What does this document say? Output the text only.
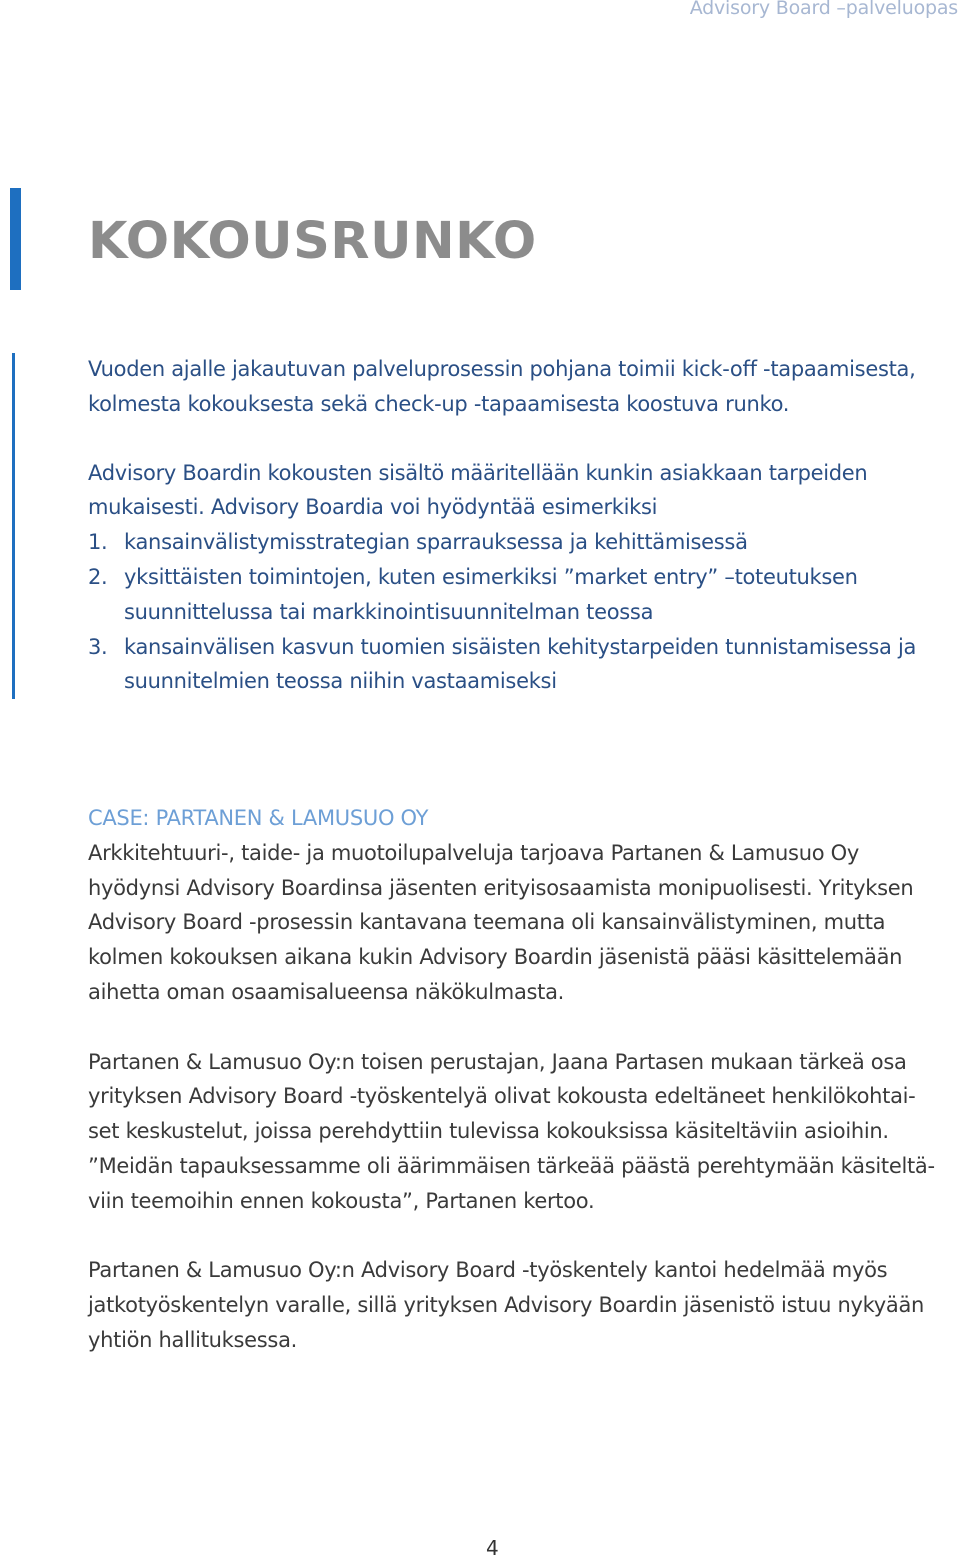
Advisory Board –palveluopas
KOKOUSRUNKO

Vuoden ajalle jakautuvan palveluprosessin pohjana toimii kick-off -tapaamisesta,
kolmesta kokouksesta sekä check-up -tapaamisesta koostuva runko.

Advisory Boardin kokousten sisältö määritellään kunkin asiakkaan tarpeiden
mukaisesti. Advisory Boardia voi hyödyntää esimerkiksi

1. kansainvälistymisstrategian sparrauksessa ja kehittämisessä
2. yksittäisten toimintojen, kuten esimerkiksi ”market entry” –toteutuksen
suunnittelussa tai markkinointisuunnitelman teossa
3. kansainvälisen kasvun tuomien sisäisten kehitystarpeiden tunnistamisessa ja
suunnitelmien teossa niihin vastaamiseksi
CASE: PARTANEN & LAMUSUO OY

Arkkitehtuuri-, taide- ja muotoilupalveluja tarjoava Partanen & Lamusuo Oy
hyödynsi Advisory Boardinsa jäsenten erityisosaamista monipuolisesti. Yrityksen
Advisory Board -prosessin kantavana teemana oli kansainvälistyminen, mutta
kolmen kokouksen aikana kukin Advisory Boardin jäsenistä pääsi käsittelemään
aihetta oman osaamisalueensa näkökulmasta.

Partanen & Lamusuo Oy:n toisen perustajan, Jaana Partasen mukaan tärkeä osa
yrityksen Advisory Board -työskentelyä olivat kokousta edeltäneet henkilökohtai-
set keskustelut, joissa perehdyttiin tulevissa kokouksissa käsiteltäviin asioihin.
”Meidän tapauksessamme oli äärimmäisen tärkeää päästä perehtymään käsiteltä-
viin teemoihin ennen kokousta”, Partanen kertoo.

Partanen & Lamusuo Oy:n Advisory Board -työskentely kantoi hedelmää myös
jatkotyöskentelyn varalle, sillä yrityksen Advisory Boardin jäsenistö istuu nykyään
yhtiön hallituksessa.

4
